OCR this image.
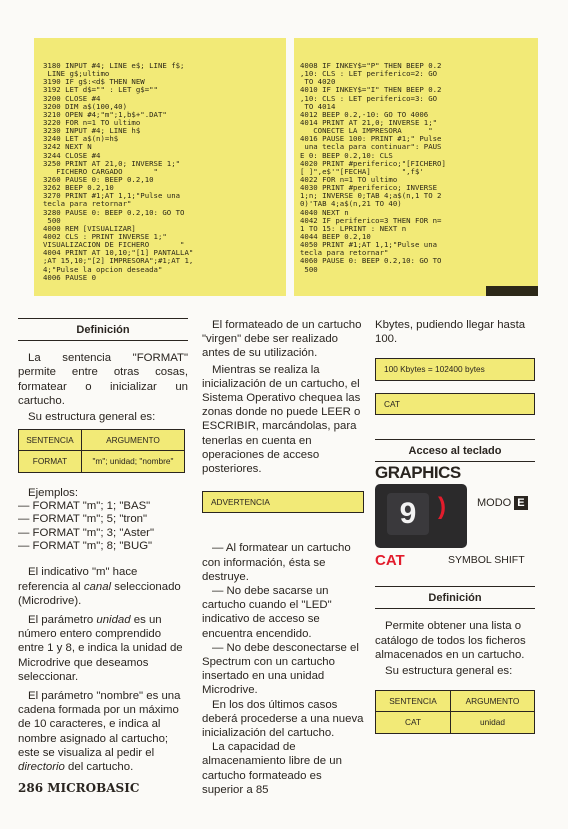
3180 INPUT #4; LINE e$; LINE f$;
LINE g$;ultimo
3190 IF g$:<d$ THEN NEW
3192 LET d$="" : LET g$=""
3200 CLOSE #4
3200 DIM a$(100,40)
3210 OPEN #4;"m";1,b$+".DAT"
3220 FOR n=1 TO ultimo
3230 INPUT #4; LINE h$
3240 LET a$(n)=h$
3242 NEXT N
3244 CLOSE #4
3250 PRINT AT 21,0; INVERSE 1;"
FICHERO CARGADO       "
3260 PAUSE 0: BEEP 0.2,10
3262 BEEP 0.2,10
3270 PRINT #1;AT 1,1;"Pulse una
tecla para retornar"
3280 PAUSE 0: BEEP 0.2,10: GO TO
500
4000 REM [VISUALIZAR]
4002 CLS : PRINT INVERSE 1;"
VISUALIZACION DE FICHERO       "
4004 PRINT AT 10,10;"[1] PANTALLA"
;AT 15,10;"[2] IMPRESORA";#1;AT 1,
4;"Pulse la opcion deseada"
4006 PAUSE 0
4008 IF INKEY$="P" THEN BEEP 0.2
,10: CLS : LET periferico=2: GO
TO 4020
4010 IF INKEY$="I" THEN BEEP 0.2
,10: CLS : LET periferico=3: GO
TO 4014
4012 BEEP 0.2,-10: GO TO 4006
4014 PRINT AT 21,0; INVERSE 1;"
CONECTE LA IMPRESORA      "
4016 PAUSE 100: PRINT #1;" Pulse
una tecla para continuar": PAUS
E 0: BEEP 0.2,10: CLS
4020 PRINT #periferico;"[FICHERO]
[ ]",e$'"[FECHA]       ",f$'
4022 FOR n=1 TO ultimo
4030 PRINT #periferico; INVERSE
1;n; INVERSE 0;TAB 4;a$(n,1 TO 2
0)'TAB 4;a$(n,21 TO 40)
4040 NEXT n
4042 IF periferico=3 THEN FOR n=
1 TO 15: LPRINT : NEXT n
4044 BEEP 0.2,10
4050 PRINT #1;AT 1,1;"Pulse una
tecla para retornar"
4060 PAUSE 0: BEEP 0.2,10: GO TO
500
Definición

La sentencia "FORMAT" permite entre otras cosas, formatear o inicializar un cartucho.

Su estructura general es:

SENTENCIA	ARGUMENTO
FORMAT	"m"; unidad; "nombre"

Ejemplos:

— FORMAT "m"; 1; "BAS"
— FORMAT "m"; 5; "tron"
— FORMAT "m"; 3; "Aster"
— FORMAT "m"; 8; "BUG"

El indicativo "m" hace referencia al canal seleccionado (Microdrive).

El parámetro unidad es un número entero comprendido entre 1 y 8, e indica la unidad de Microdrive que deseamos seleccionar.

El parámetro "nombre" es una cadena formada por un máximo de 10 caracteres, e indica al nombre asignado al cartucho; este se visualiza al pedir el directorio del cartucho.

El formateado de un cartucho "virgen" debe ser realizado antes de su utilización.

Mientras se realiza la inicialización de un cartucho, el Sistema Operativo chequea las zonas donde no puede LEER o ESCRIBIR, marcándolas, para tenerlas en cuenta en operaciones de acceso posteriores.

ADVERTENCIA

— Al formatear un cartucho con información, ésta se destruye.

— No debe sacarse un cartucho cuando el "LED" indicativo de acceso se encuentra encendido.

— No debe desconectarse el Spectrum con un cartucho insertado en una unidad Microdrive.

En los dos últimos casos deberá procederse a una nueva inicialización del cartucho.

La capacidad de almacenamiento libre de un cartucho formateado es superior a 85

Kbytes, pudiendo llegar hasta 100.

100 Kbytes = 102400 bytes
CAT
Acceso al teclado
GRAPHICS
9 )	MODO E
CAT	SYMBOL SHIFT
Definición

Permite obtener una lista o catálogo de todos los ficheros almacenados en un cartucho.

Su estructura general es:

SENTENCIA	ARGUMENTO
CAT	unidad
286 MICROBASIC
